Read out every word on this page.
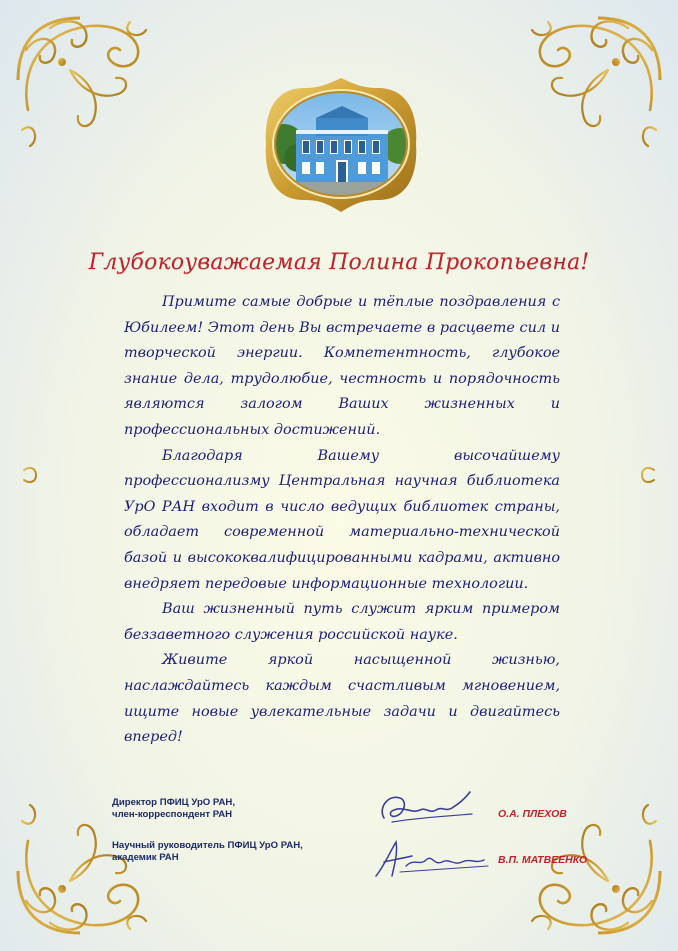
Глубокоуважаемая Полина Прокопьевна!

Примите самые добрые и тёплые поздравления с Юбилеем! Этот день Вы встречаете в расцвете сил и творческой энергии. Компетентность, глубокое знание дела, трудолюбие, честность и порядочность являются залогом Ваших жизненных и профессиональных достижений.

Благодаря Вашему высочайшему профессионализму Центральная научная библиотека УрО РАН входит в число ведущих библиотек страны, обладает современной материально-технической базой и высококвалифицированными кадрами, активно внедряет передовые информационные технологии.

Ваш жизненный путь служит ярким примером беззаветного служения российской науке.

Живите яркой насыщенной жизнью, наслаждайтесь каждым счастливым мгновением, ищите новые увлекательные задачи и двигайтесь вперед!

Директор ПФИЦ УрО РАН,
член-корреспондент РАН	О.А. ПЛЕХОВ
Научный руководитель ПФИЦ УрО РАН,
академик РАН	В.П. МАТВЕЕНКО
